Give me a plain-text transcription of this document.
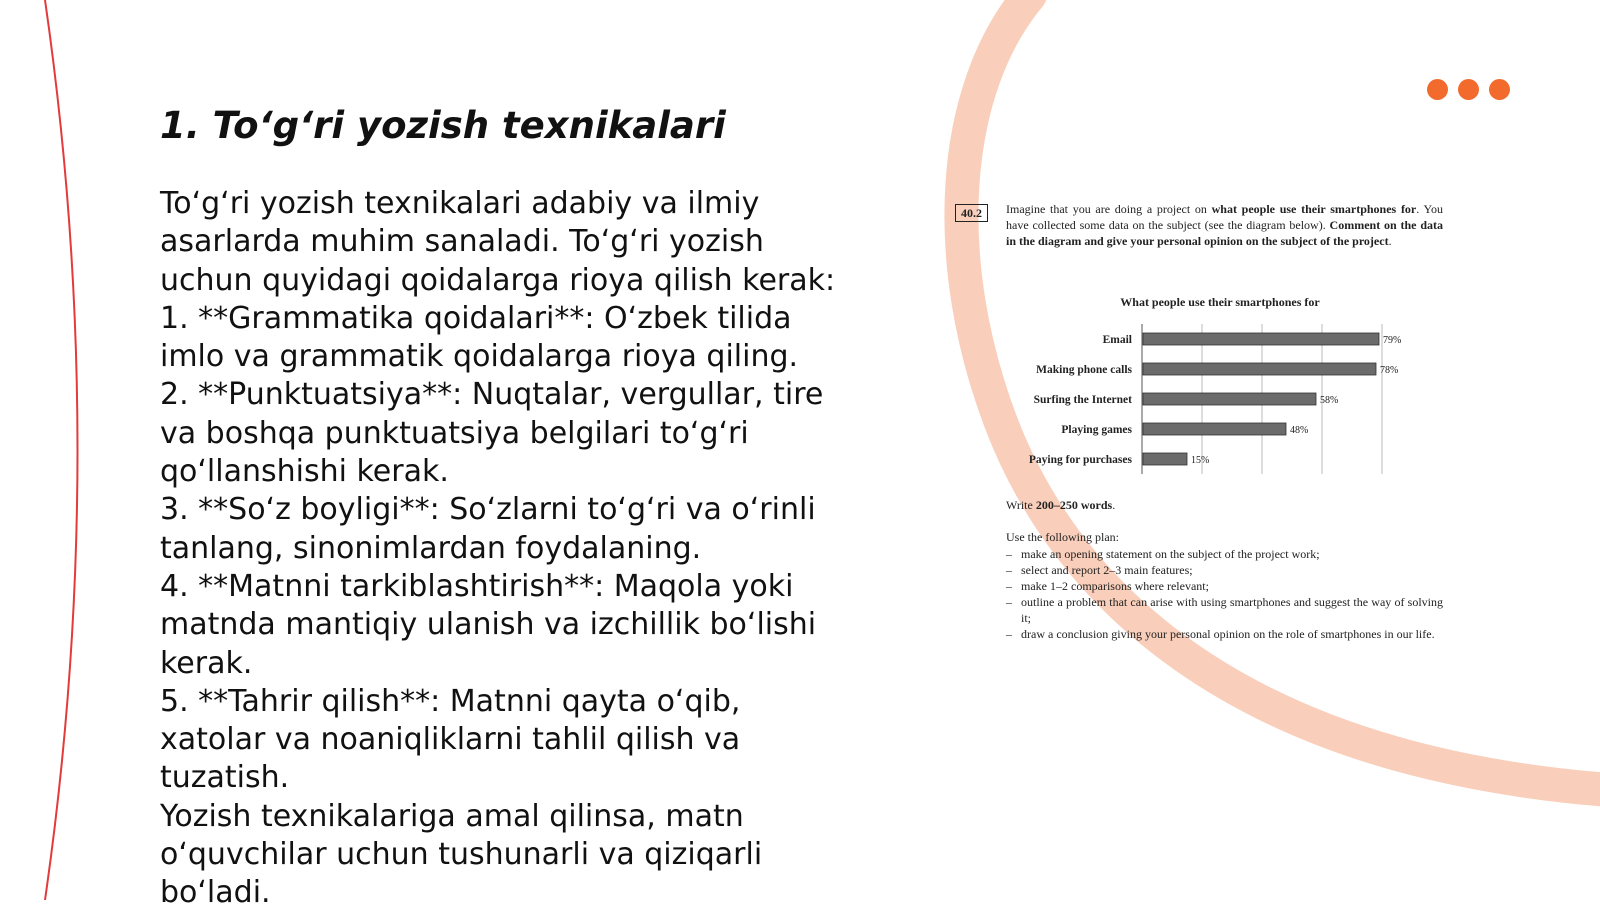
1. To‘g‘ri yozish texnikalari

To‘g‘ri yozish texnikalari adabiy va ilmiy asarlarda muhim sanaladi. To‘g‘ri yozish uchun quyidagi qoidalarga rioya qilish kerak:

1. **Grammatika qoidalari**: O‘zbek tilida imlo va grammatik qoidalarga rioya qiling.

2. **Punktuatsiya**: Nuqtalar, vergullar, tire va boshqa punktuatsiya belgilari to‘g‘ri qo‘llanshishi kerak.

3. **So‘z boyligi**: So‘zlarni to‘g‘ri va o‘rinli tanlang, sinonimlardan foydalaning.

4. **Matnni tarkiblashtirish**: Maqola yoki matnda mantiqiy ulanish va izchillik bo‘lishi kerak.

5. **Tahrir qilish**: Matnni qayta o‘qib, xatolar va noaniqliklarni tahlil qilish va tuzatish.

Yozish texnikalariga amal qilinsa, matn o‘quvchilar uchun tushunarli va qiziqarli bo‘ladi.

40.2	Imagine that you are doing a project on what people use their smartphones for. You have collected some data on the subject (see the diagram below). Comment on the data in the diagram and give your personal opinion on the subject of the project.

What people use their smartphones for
Email	79%
Making phone calls	78%
Surfing the Internet	58%
Playing games	48%
Paying for purchases	15%

Write 200–250 words.

Use the following plan:

– make an opening statement on the subject of the project work;
– select and report 2–3 main features;
– make 1–2 comparisons where relevant;
– outline a problem that can arise with using smartphones and suggest the way of solving it;
– draw a conclusion giving your personal opinion on the role of smartphones in our life.
